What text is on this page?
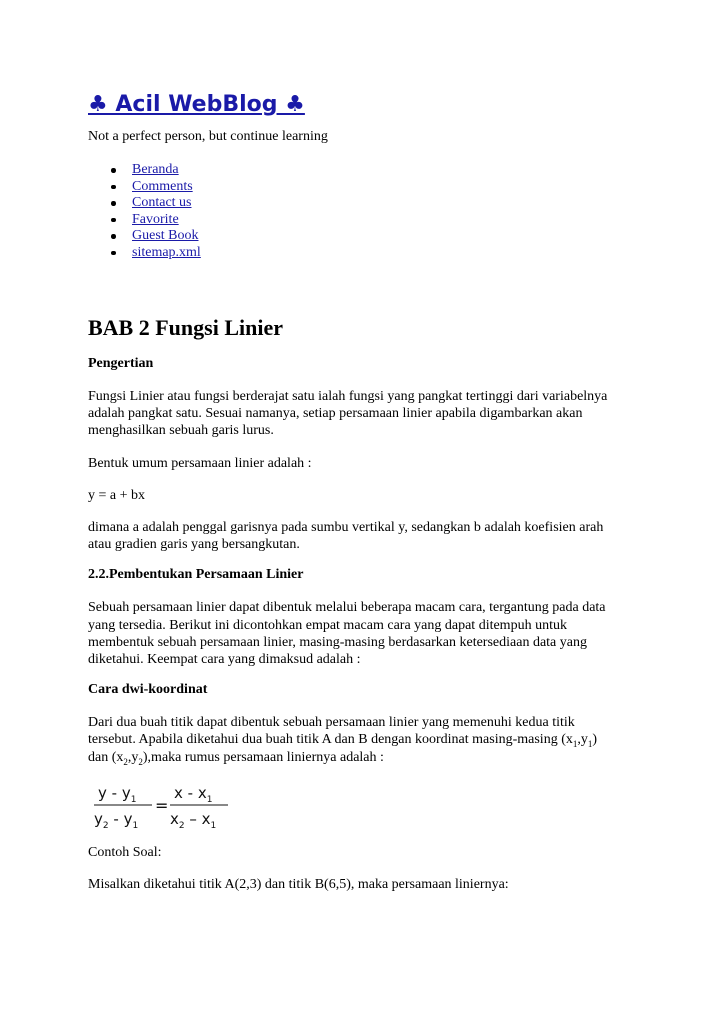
♣ Acil WebBlog ♣

Not a perfect person, but continue learning

Beranda
Comments
Contact us
Favorite
Guest Book
sitemap.xml
BAB 2 Fungsi Linier

Pengertian

Fungsi Linier atau fungsi berderajat satu ialah fungsi yang pangkat tertinggi dari variabelnya
adalah pangkat satu. Sesuai namanya, setiap persamaan linier apabila digambarkan akan
menghasilkan sebuah garis lurus.

Bentuk umum persamaan linier adalah :

y = a + bx

dimana a adalah penggal garisnya pada sumbu vertikal y, sedangkan b adalah koefisien arah
atau gradien garis yang bersangkutan.

2.2.Pembentukan Persamaan Linier

Sebuah persamaan linier dapat dibentuk melalui beberapa macam cara, tergantung pada data
yang tersedia. Berikut ini dicontohkan empat macam cara yang dapat ditempuh untuk
membentuk sebuah persamaan linier, masing-masing berdasarkan ketersediaan data yang
diketahui. Keempat cara yang dimaksud adalah :

Cara dwi-koordinat

Dari dua buah titik dapat dibentuk sebuah persamaan linier yang memenuhi kedua titik
tersebut. Apabila diketahui dua buah titik A dan B dengan koordinat masing-masing $(x_1,y_1)$
dan $(x_2,y_2),maka$ rumus persamaan liniernya adalah :

y - $y_1$
$y_2 - y_1$
=
x - $x_1$
$x_2 - x_1$

Contoh Soal:

Misalkan diketahui titik A(2,3) dan titik B(6,5), maka persamaan liniernya:
